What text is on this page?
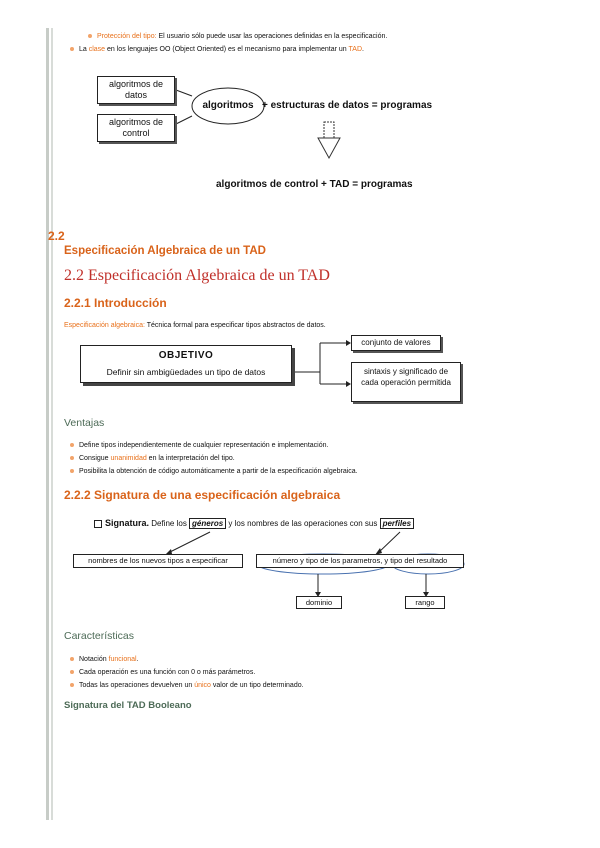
Protección del tipo: El usuario sólo puede usar las operaciones definidas en la especificación.
La clase en los lenguajes OO (Object Oriented) es el mecanismo para implementar un TAD.
algoritmos de datos
algoritmos de control
algoritmos + estructuras de datos = programas
algoritmos de control + TAD = programas
2.2
Especificación Algebraica de un TAD
2.2 Especificación Algebraica de un TAD
2.2.1 Introducción
Especificación algebraica: Técnica formal para especificar tipos abstractos de datos.
OBJETIVO
Definir sin ambigüedades un tipo de datos
conjunto de valores
sintaxis y significado de cada operación permitida
Ventajas
Define tipos independientemente de cualquier representación e implementación.
Consigue unanimidad en la interpretación del tipo.
Posibilita la obtención de código automáticamente a partir de la especificación algebraica.
2.2.2 Signatura de una especificación algebraica
Signatura. Define los géneros y los nombres de las operaciones con sus perfiles
nombres de los nuevos tipos a especificar	número y tipo de los parametros, y tipo del resultado
dominio	rango
Características
Notación funcional.
Cada operación es una función con 0 o más parámetros.
Todas las operaciones devuelven un único valor de un tipo determinado.
Signatura del TAD Booleano
